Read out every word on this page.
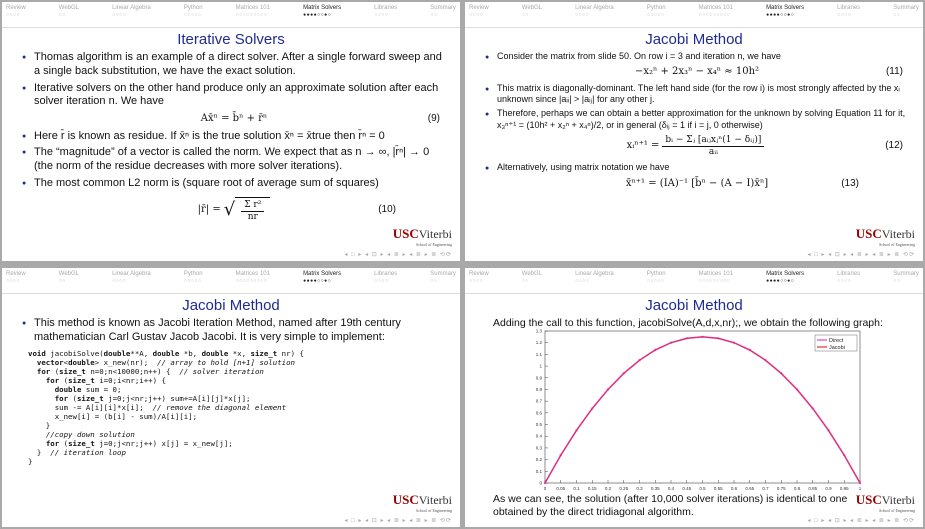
Review
○○○○
WebGL
○○
Linear Algebra
○○○○
Python
○○○○○
Matrices 101
○○○○○○○○○
Matrix Solvers
●●●●○○●○
Libraries
○○○○
Summary
○○
Iterative Solvers
● Thomas algorithm is an example of a direct solver. After a single forward sweep and a single back substitution, we have the exact solution.
● Iterative solvers on the other hand produce only an approximate solution after each solver iteration n. We have
Ax̄ⁿ = b̄ⁿ + r̄ⁿ	(9)
● Here r̄ is known as residue. If x̄ⁿ is the true solution x̄ⁿ = x̄true then r̄ⁿ = 0
● The “magnitude” of a vector is called the norm. We expect that as n → ∞, |r̄ⁿ| → 0 (the norm of the residue decreases with more solver iterations).
● The most common L2 norm is (square root of average sum of squares)
|r̄| = √ $\frac{\text{Σ r²}}{nr}$	(10)
USCViterbi
School of Engineering
◂ □ ▸ ◂ ⊡ ▸ ◂ ≣ ▸ ◂ ≣ ▸ ≣ ⟲⟳
Review
○○○○
WebGL
○○
Linear Algebra
○○○○
Python
○○○○○
Matrices 101
○○○○○○○○○
Matrix Solvers
●●●●○○●○
Libraries
○○○○
Summary
○○
Jacobi Method
● Consider the matrix from slide 50. On row i = 3 and iteration n, we have
−x₂ⁿ + 2x₃ⁿ − x₄ⁿ ≈ 10h²	(11)
● This matrix is diagonally-dominant. The left hand side (for the row i) is most strongly affected by the xᵢ unknown since |aᵢᵢ| > |aᵢⱼ| for any other j.
● Therefore, perhaps we can obtain a better approximation for the unknown by solving Equation 11 for it, x₃ⁿ⁺¹ = (10h² + x₂ⁿ + x₄ⁿ)/2, or in general (δᵢⱼ = 1 if i = j, 0 otherwise)
xᵢⁿ⁺¹ = $\frac{\text{bᵢ − Σⱼ [aᵢⱼxⱼⁿ(1 − δᵢⱼ)]}}{\text{aᵢᵢ}}$	(12)
● Alternatively, using matrix notation we have
x̄ⁿ⁺¹ = (IA)⁻¹ [b̄ⁿ − (A − I)x̄ⁿ]	(13)
USCViterbi
School of Engineering
◂ □ ▸ ◂ ⊡ ▸ ◂ ≣ ▸ ◂ ≣ ▸ ≣ ⟲⟳
Review
○○○○
WebGL
○○
Linear Algebra
○○○○
Python
○○○○○
Matrices 101
○○○○○○○○○
Matrix Solvers
●●●●○○●○
Libraries
○○○○
Summary
○○
Jacobi Method
● This method is known as Jacobi Iteration Method, named after 19th century mathematician Carl Gustav Jacob Jacobi. It is very simple to implement:
void jacobiSolve(double**A, double *b, double *x, size_t nr) {
vector<double> x_new(nr);  // array to hold [n+1] solution
for (size_t n=0;n<10000;n++) {  // solver iteration
for (size_t i=0;i<nr;i++) {
double sum = 0;
for (size_t j=0;j<nr;j++) sum+=A[i][j]*x[j];
sum -= A[i][i]*x[i];  // remove the diagonal element
x_new[i] = (b[i] - sum)/A[i][i];
}
//copy down solution
for (size_t j=0;j<nr;j++) x[j] = x_new[j];
}  // iteration loop
}
USCViterbi
School of Engineering
◂ □ ▸ ◂ ⊡ ▸ ◂ ≣ ▸ ◂ ≣ ▸ ≣ ⟲⟳
Review
○○○○
WebGL
○○
Linear Algebra
○○○○
Python
○○○○○
Matrices 101
○○○○○○○○○
Matrix Solvers
●●●●○○●○
Libraries
○○○○
Summary
○○
Jacobi Method

Adding the call to this function, jacobiSolve(A,d,x,nr);, we obtain the following graph:

0
0.1
0.2
0.3
0.4
0.5
0.6
0.7
0.8
0.9
1
1.1
1.2
1.3
0 0.05 0.1 0.15 0.2 0.25 0.3 0.35 0.4 0.45 0.5 0.55 0.6 0.65 0.7 0.75 0.8 0.85 0.9 0.95 1
Direct
Jacobi
As we can see, the solution (after 10,000 solver iterations) is identical to one obtained by the direct tridiagonal algorithm.
USCViterbi
School of Engineering
◂ □ ▸ ◂ ⊡ ▸ ◂ ≣ ▸ ◂ ≣ ▸ ≣ ⟲⟳
